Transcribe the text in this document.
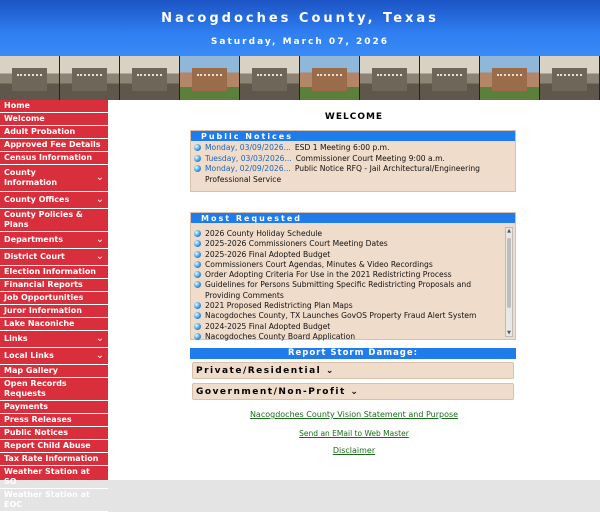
Nacogdoches County, Texas
Saturday, March 07, 2026
Home
Welcome
Adult Probation
Approved Fee Details
Census Information
County Information	⌄
County Offices	⌄
County Policies & Plans
Departments	⌄
District Court	⌄
Election Information
Financial Reports
Job Opportunities
Juror Information
Lake Naconiche
Links	⌄
Local Links	⌄
Map Gallery
Open Records Requests
Payments
Press Releases
Public Notices
Report Child Abuse
Tax Rate Information
Weather Station at SO
Weather Station at EOC
WELCOME
Public Notices
Monday, 03/09/2026... ESD 1 Meeting 6:00 p.m.
Tuesday, 03/03/2026... Commissioner Court Meeting 9:00 a.m.
Monday, 02/09/2026... Public Notice RFQ - Jail Architectural/Engineering Professional Service
Most Requested
2026 County Holiday Schedule
2025-2026 Commissioners Court Meeting Dates
2025-2026 Final Adopted Budget
Commissioners Court Agendas, Minutes & Video Recordings
Order Adopting Criteria For Use in the 2021 Redistricting Process
Guidelines for Persons Submitting Specific Redistricting Proposals and Providing Comments
2021 Proposed Redistricting Plan Maps
Nacogdoches County, TX Launches GovOS Property Fraud Alert System
2024-2025 Final Adopted Budget
Nacogdoches County Board Application
▲
▼
Report Storm Damage:
Private/Residential ⌄
Government/Non-Profit ⌄
Nacogdoches County Vision Statement and Purpose
Send an EMail to Web Master
Disclaimer
